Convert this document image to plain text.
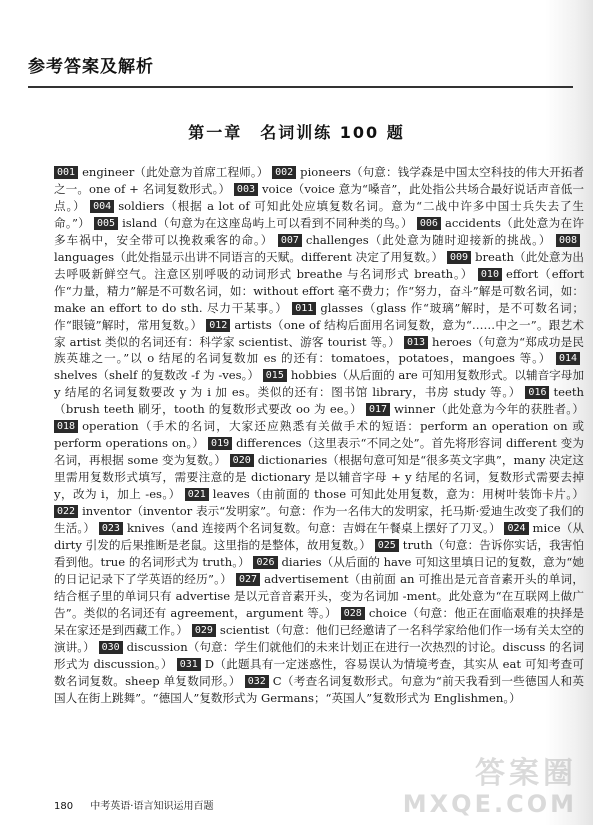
参考答案及解析
第一章　名词训练 100 题
001 engineer（此处意为首席工程师。） 002 pioneers（句意：钱学森是中国太空科技的伟大开拓者之一。one of + 名词复数形式。） 003 voice（voice 意为“嗓音”，此处指公共场合最好说话声音低一点。） 004 soldiers（根据 a lot of 可知此处应填复数名词。意为“二战中许多中国士兵失去了生命。”） 005 island（句意为在这座岛屿上可以看到不同种类的鸟。） 006 accidents（此处意为在许多车祸中，安全带可以挽救乘客的命。） 007 challenges（此处意为随时迎接新的挑战。） 008languages（此处指显示出讲不同语言的天赋。different 决定了用复数。） 009 breath（此处意为出去呼吸新鲜空气。注意区别呼吸的动词形式 breathe 与名词形式 breath。） 010 effort（effort 作“力量，精力”解是不可数名词，如：without effort 毫不费力；作“努力，奋斗”解是可数名词，如：make an effort to do sth. 尽力干某事。） 011 glasses（glass 作“玻璃”解时，是不可数名词；作“眼镜”解时，常用复数。） 012 artists（one of 结构后面用名词复数，意为“……中之一”。跟艺术家 artist 类似的名词还有：科学家 scientist、游客 tourist 等。） 013 heroes（句意为“郑成功是民族英雄之一。”以 o 结尾的名词复数加 es 的还有：tomatoes，potatoes，mangoes 等。） 014shelves（shelf 的复数改 -f 为 -ves。） 015 hobbies（从后面的 are 可知用复数形式。以辅音字母加 y 结尾的名词复数要改 y 为 i 加 es。类似的还有：图书馆 library，书房 study 等。） 016 teeth（brush teeth 刷牙，tooth 的复数形式要改 oo 为 ee。） 017 winner（此处意为今年的获胜者。） 018 operation（手术的名词，大家还应熟悉有关做手术的短语：perform an operation on 或 perform operations on。） 019 differences（这里表示“不同之处”。首先将形容词 different 变为名词，再根据 some 变为复数。） 020 dictionaries（根据句意可知是“很多英文字典”，many 决定这里需用复数形式填写，需要注意的是 dictionary 是以辅音字母 + y 结尾的名词，复数形式需要去掉 y，改为 i，加上 -es。） 021 leaves（由前面的 those 可知此处用复数，意为：用树叶装饰卡片。） 022 inventor（inventor 表示“发明家”。句意：作为一名伟大的发明家，托马斯·爱迪生改变了我们的生活。） 023 knives（and 连接两个名词复数。句意：吉姆在午餐桌上摆好了刀叉。） 024 mice（从 dirty 引发的后果推断是老鼠。这里指的是整体，故用复数。） 025 truth（句意：告诉你实话，我害怕看到他。true 的名词形式为 truth。） 026 diaries（从后面的 have 可知这里填日记的复数，意为“她的日记记录下了学英语的经历”。） 027 advertisement（由前面 an 可推出是元音音素开头的单词，结合框子里的单词只有 advertise 是以元音音素开头，变为名词加 -ment。此处意为“在互联网上做广告”。类似的名词还有 agreement，argument 等。） 028 choice（句意：他正在面临艰难的抉择是呆在家还是到西藏工作。） 029 scientist（句意：他们已经邀请了一名科学家给他们作一场有关太空的演讲。） 030 discussion（句意：学生们就他们的未来计划正在进行一次热烈的讨论。discuss 的名词形式为 discussion。） 031 D（此题具有一定迷惑性，容易误认为情境考查，其实从 eat 可知考查可数名词复数。sheep 单复数同形。） 032 C（考查名词复数形式。句意为“前天我看到一些德国人和英国人在街上跳舞”。“德国人”复数形式为 Germans；“英国人”复数形式为 Englishmen。）
180 中考英语·语言知识运用百题
答案圈
MXQE.COM
